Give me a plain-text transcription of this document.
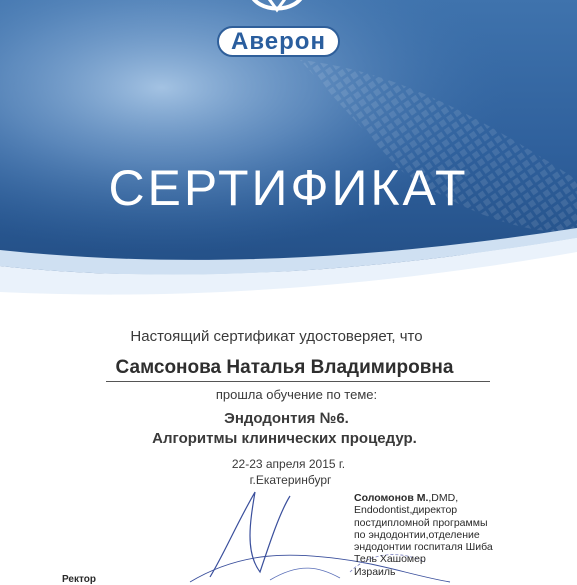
Аверон
СЕРТИФИКАТ
Настоящий сертификат удостоверяет, что
Самсонова Наталья Владимировна
прошла обучение по теме:
Эндодонтия №6.
Алгоритмы клинических процедур.
22-23 апреля 2015 г.
г.Екатеринбург
Соломонов М.,DMD,
Endodontist,директор
постдипломной программы
по эндодонтии,отделение
эндодонтии госпиталя Шиба
Тель Хашомер
Израиль
Ректор
